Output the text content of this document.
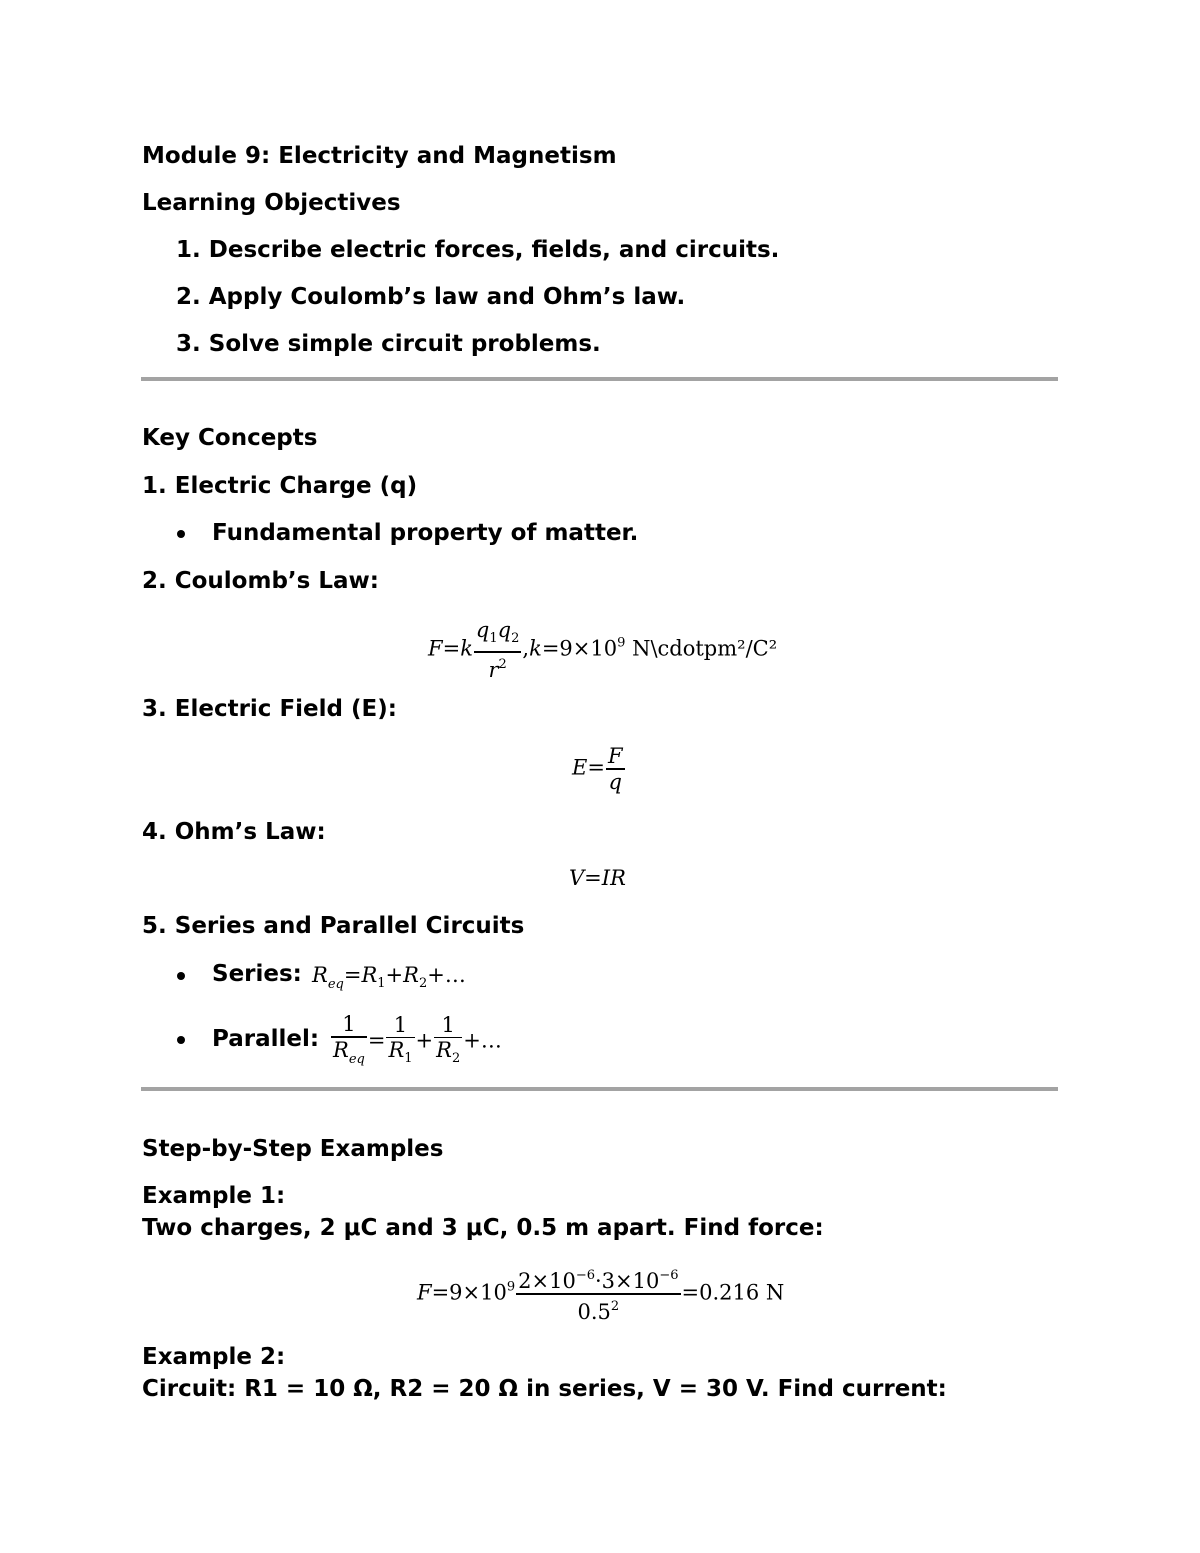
Module 9: Electricity and Magnetism
Learning Objectives
1. Describe electric forces, fields, and circuits.
2. Apply Coulomb’s law and Ohm’s law.
3. Solve simple circuit problems.
Key Concepts
1. Electric Charge (q)
Fundamental property of matter.
2. Coulomb’s Law:
$F=k \frac{q_1q_2}{r^2} ,k=9\times 10^9$ N\cdotpm²/C²
3. Electric Field (E):
$E= \frac{F}{q}$
4. Ohm’s Law:
V=IR
5. Series and Parallel Circuits
Series: $R_{eq}=R_1+R_2+\dots$
Parallel: $\frac{1}{R_{eq}} = \frac{1}{R_1} + \frac{1}{R_2}$ +…
Step-by-Step Examples
Example 1:
Two charges, 2 μC and 3 μC, 0.5 m apart. Find force:
$F=9\times 10^9 \frac{2\times 10^{-6}\cdot 3\times 10^{-6}}{0.5^2} =0.216$ N
Example 2:
Circuit: R1 = 10 Ω, R2 = 20 Ω in series, V = 30 V. Find current:
